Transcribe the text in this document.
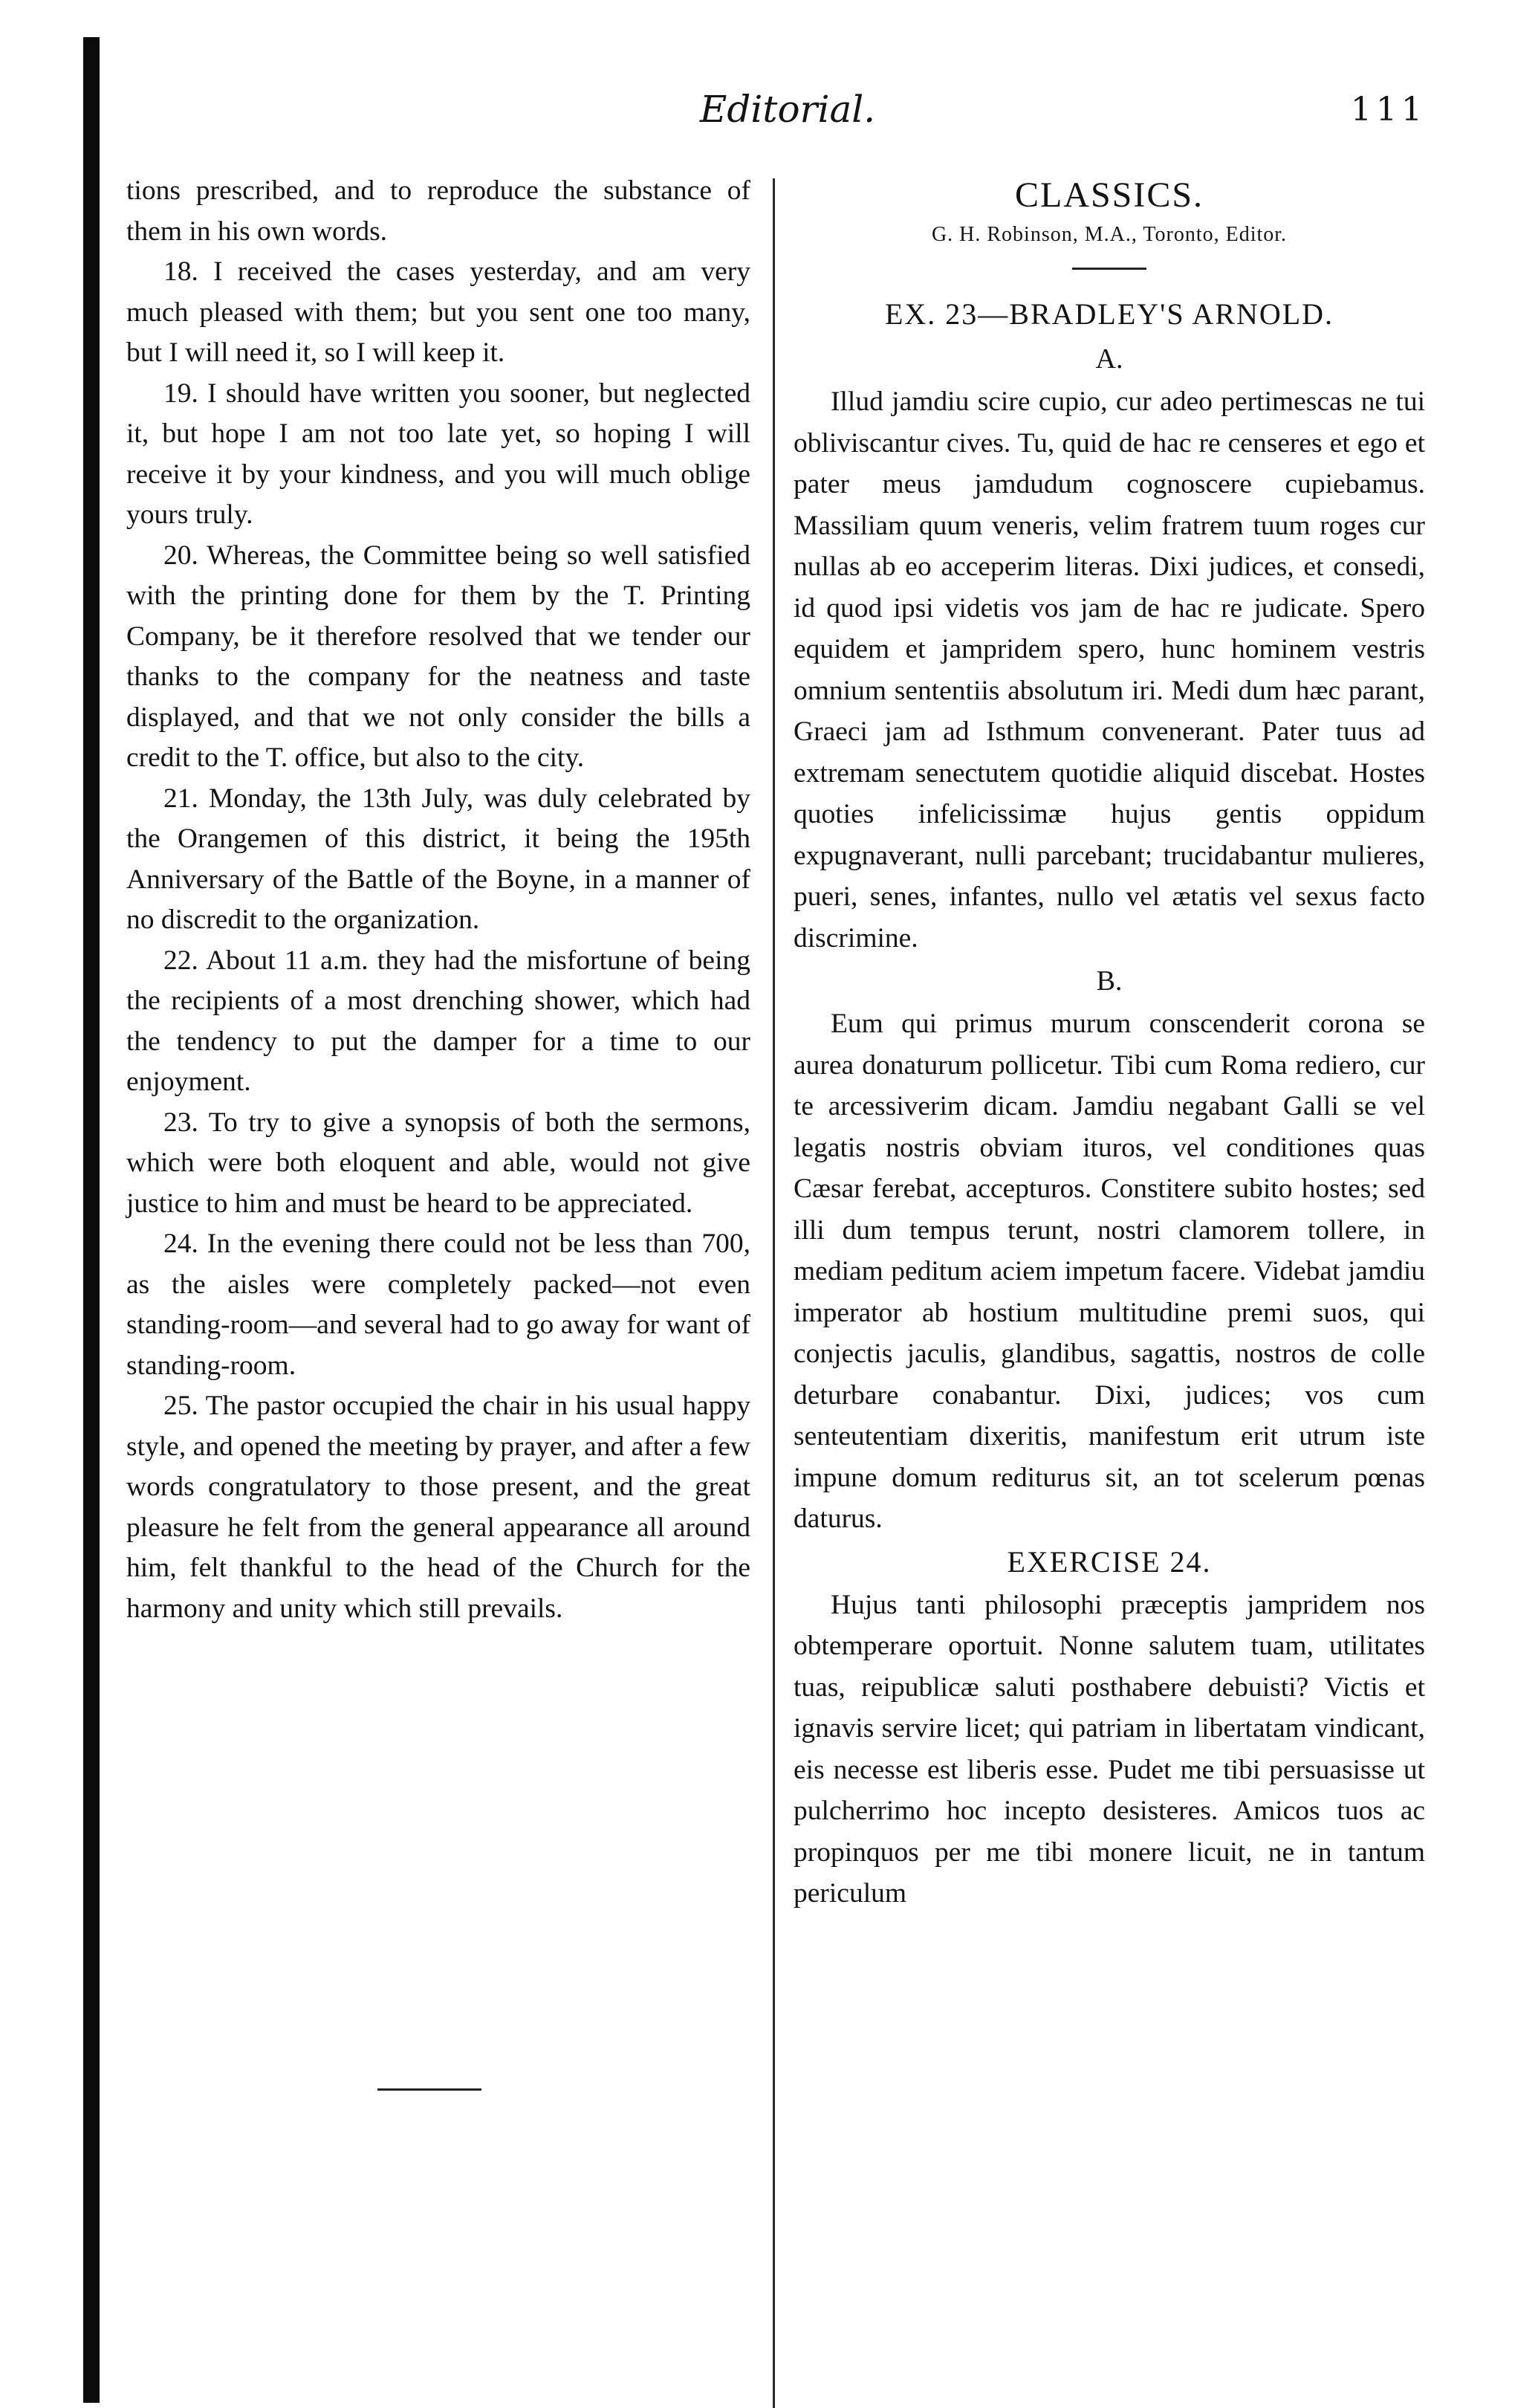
Editorial.	111

tions prescribed, and to reproduce the substance of them in his own words.

18. I received the cases yesterday, and am very much pleased with them; but you sent one too many, but I will need it, so I will keep it.

19. I should have written you sooner, but neglected it, but hope I am not too late yet, so hoping I will receive it by your kindness, and you will much oblige yours truly.

20. Whereas, the Committee being so well satisfied with the printing done for them by the T. Printing Company, be it therefore resolved that we tender our thanks to the company for the neatness and taste displayed, and that we not only consider the bills a credit to the T. office, but also to the city.

21. Monday, the 13th July, was duly celebrated by the Orangemen of this district, it being the 195th Anniversary of the Battle of the Boyne, in a manner of no discredit to the organization.

22. About 11 a.m. they had the misfortune of being the recipients of a most drenching shower, which had the tendency to put the damper for a time to our enjoyment.

23. To try to give a synopsis of both the sermons, which were both eloquent and able, would not give justice to him and must be heard to be appreciated.

24. In the evening there could not be less than 700, as the aisles were completely packed—not even standing-room—and several had to go away for want of standing-room.

25. The pastor occupied the chair in his usual happy style, and opened the meeting by prayer, and after a few words congratulatory to those present, and the great pleasure he felt from the general appearance all around him, felt thankful to the head of the Church for the harmony and unity which still prevails.

CLASSICS.

G. H. Robinson, M.A., Toronto, Editor.

EX. 23—BRADLEY'S ARNOLD.

A.

Illud jamdiu scire cupio, cur adeo pertimescas ne tui obliviscantur cives. Tu, quid de hac re censeres et ego et pater meus jamdudum cognoscere cupiebamus. Massiliam quum veneris, velim fratrem tuum roges cur nullas ab eo acceperim literas. Dixi judices, et consedi, id quod ipsi videtis vos jam de hac re judicate. Spero equidem et jampridem spero, hunc hominem vestris omnium sententiis absolutum iri. Medi dum hæc parant, Graeci jam ad Isthmum convenerant. Pater tuus ad extremam senectutem quotidie aliquid discebat. Hostes quoties infelicissimæ hujus gentis oppidum expugnaverant, nulli parcebant; trucidabantur mulieres, pueri, senes, infantes, nullo vel ætatis vel sexus facto discrimine.

B.

Eum qui primus murum conscenderit corona se aurea donaturum pollicetur. Tibi cum Roma rediero, cur te arcessiverim dicam. Jamdiu negabant Galli se vel legatis nostris obviam ituros, vel conditiones quas Cæsar ferebat, accepturos. Constitere subito hostes; sed illi dum tempus terunt, nostri clamorem tollere, in mediam peditum aciem impetum facere. Videbat jamdiu imperator ab hostium multitudine premi suos, qui conjectis jaculis, glandibus, sagattis, nostros de colle deturbare conabantur. Dixi, judices; vos cum senteutentiam dixeritis, manifestum erit utrum iste impune domum rediturus sit, an tot scelerum pœnas daturus.

EXERCISE 24.

Hujus tanti philosophi præceptis jampridem nos obtemperare oportuit. Nonne salutem tuam, utilitates tuas, reipublicæ saluti posthabere debuisti? Victis et ignavis servire licet; qui patriam in libertatam vindicant, eis necesse est liberis esse. Pudet me tibi persuasisse ut pulcherrimo hoc incepto desisteres. Amicos tuos ac propinquos per me tibi monere licuit, ne in tantum periculum
